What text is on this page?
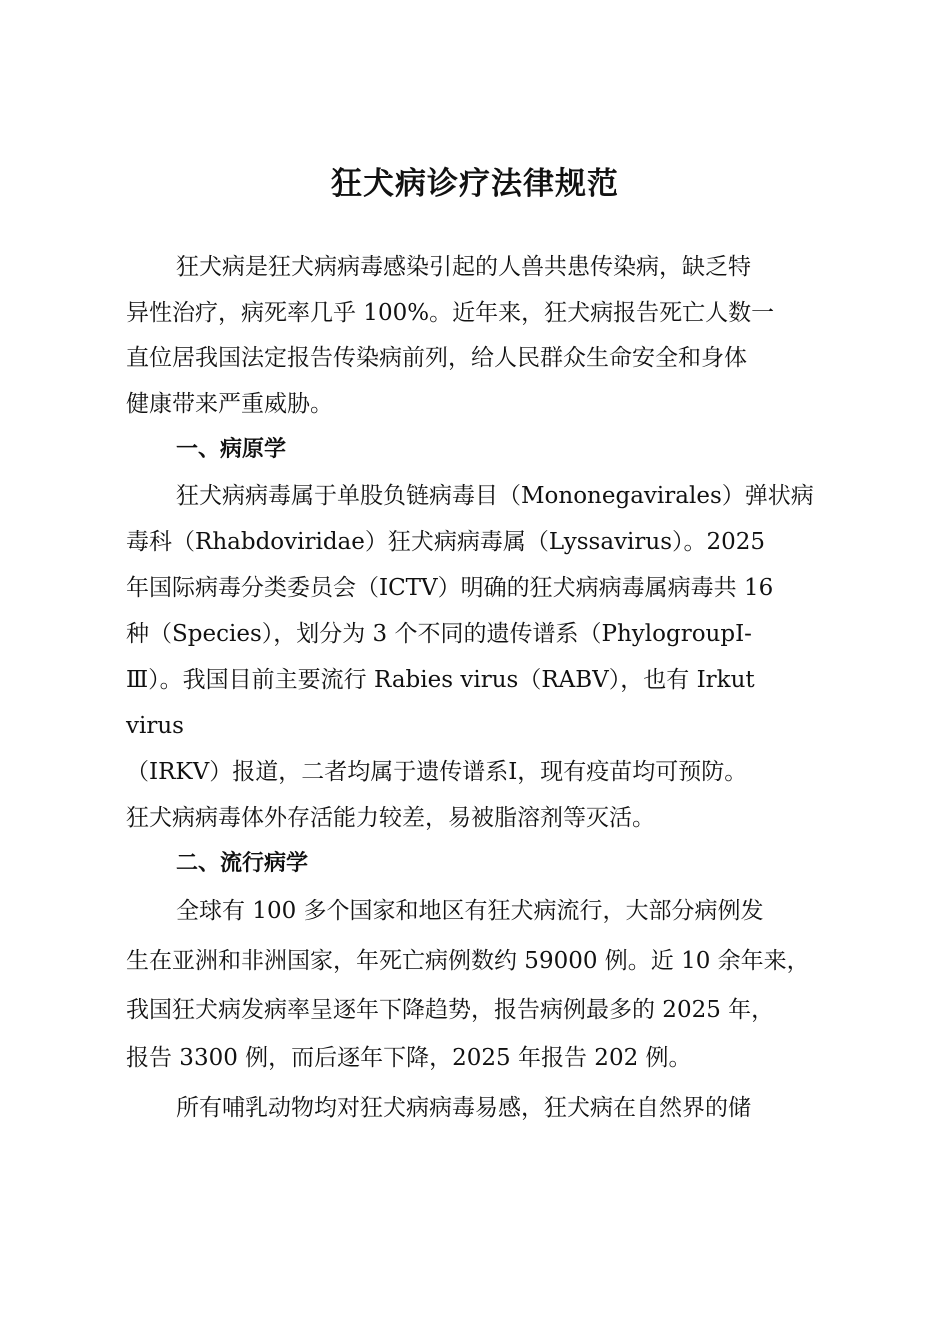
狂犬病诊疗法律规范

狂犬病是狂犬病病毒感染引起的人兽共患传染病，缺乏特

异性治疗，病死率几乎 100%。近年来，狂犬病报告死亡人数一

直位居我国法定报告传染病前列，给人民群众生命安全和身体

健康带来严重威胁。

一、病原学

狂犬病病毒属于单股负链病毒目（Mononegavirales）弹状病

毒科（Rhabdoviridae）狂犬病病毒属（Lyssavirus）。2025

年国际病毒分类委员会（ICTV）明确的狂犬病病毒属病毒共 16

种（Species），划分为 3 个不同的遗传谱系（PhylogroupⅠ-

Ⅲ）。我国目前主要流行 Rabies virus（RABV），也有 Irkut

virus

（IRKV）报道，二者均属于遗传谱系Ⅰ，现有疫苗均可预防。

狂犬病病毒体外存活能力较差，易被脂溶剂等灭活。

二、流行病学

全球有 100 多个国家和地区有狂犬病流行，大部分病例发

生在亚洲和非洲国家，年死亡病例数约 59000 例。近 10 余年来，

我国狂犬病发病率呈逐年下降趋势，报告病例最多的 2025 年，

报告 3300 例，而后逐年下降，2025 年报告 202 例。

所有哺乳动物均对狂犬病病毒易感，狂犬病在自然界的储
